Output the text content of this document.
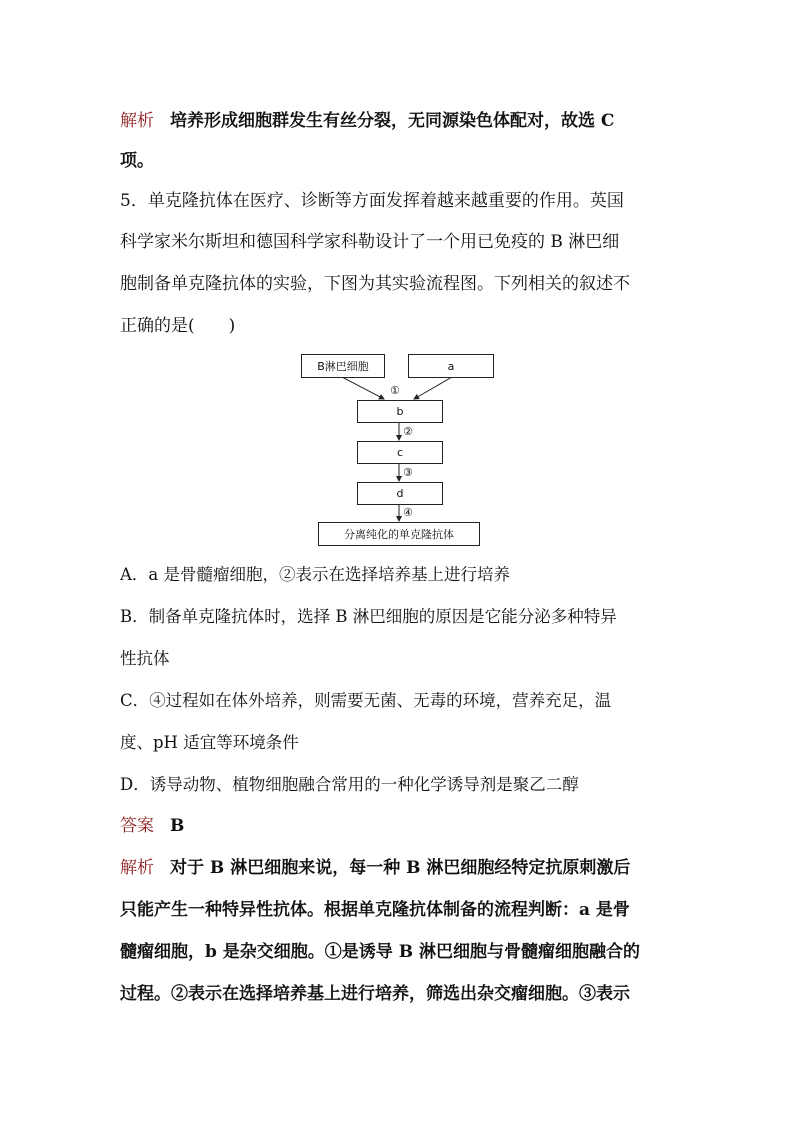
解析 培养形成细胞群发生有丝分裂，无同源染色体配对，故选 C
项。
5．单克隆抗体在医疗、诊断等方面发挥着越来越重要的作用。英国
科学家米尔斯坦和德国科学家科勒设计了一个用已免疫的 B 淋巴细
胞制备单克隆抗体的实验，下图为其实验流程图。下列相关的叙述不
正确的是(　　)
B淋巴细胞	a
①
b
②
c
③
d
④
分离纯化的单克隆抗体
A．a 是骨髓瘤细胞，②表示在选择培养基上进行培养
B．制备单克隆抗体时，选择 B 淋巴细胞的原因是它能分泌多种特异
性抗体
C．④过程如在体外培养，则需要无菌、无毒的环境，营养充足，温
度、pH 适宜等环境条件
D．诱导动物、植物细胞融合常用的一种化学诱导剂是聚乙二醇
答案 B
解析 对于 B 淋巴细胞来说，每一种 B 淋巴细胞经特定抗原刺激后
只能产生一种特异性抗体。根据单克隆抗体制备的流程判断：a 是骨
髓瘤细胞，b 是杂交细胞。①是诱导 B 淋巴细胞与骨髓瘤细胞融合的
过程。②表示在选择培养基上进行培养，筛选出杂交瘤细胞。③表示
